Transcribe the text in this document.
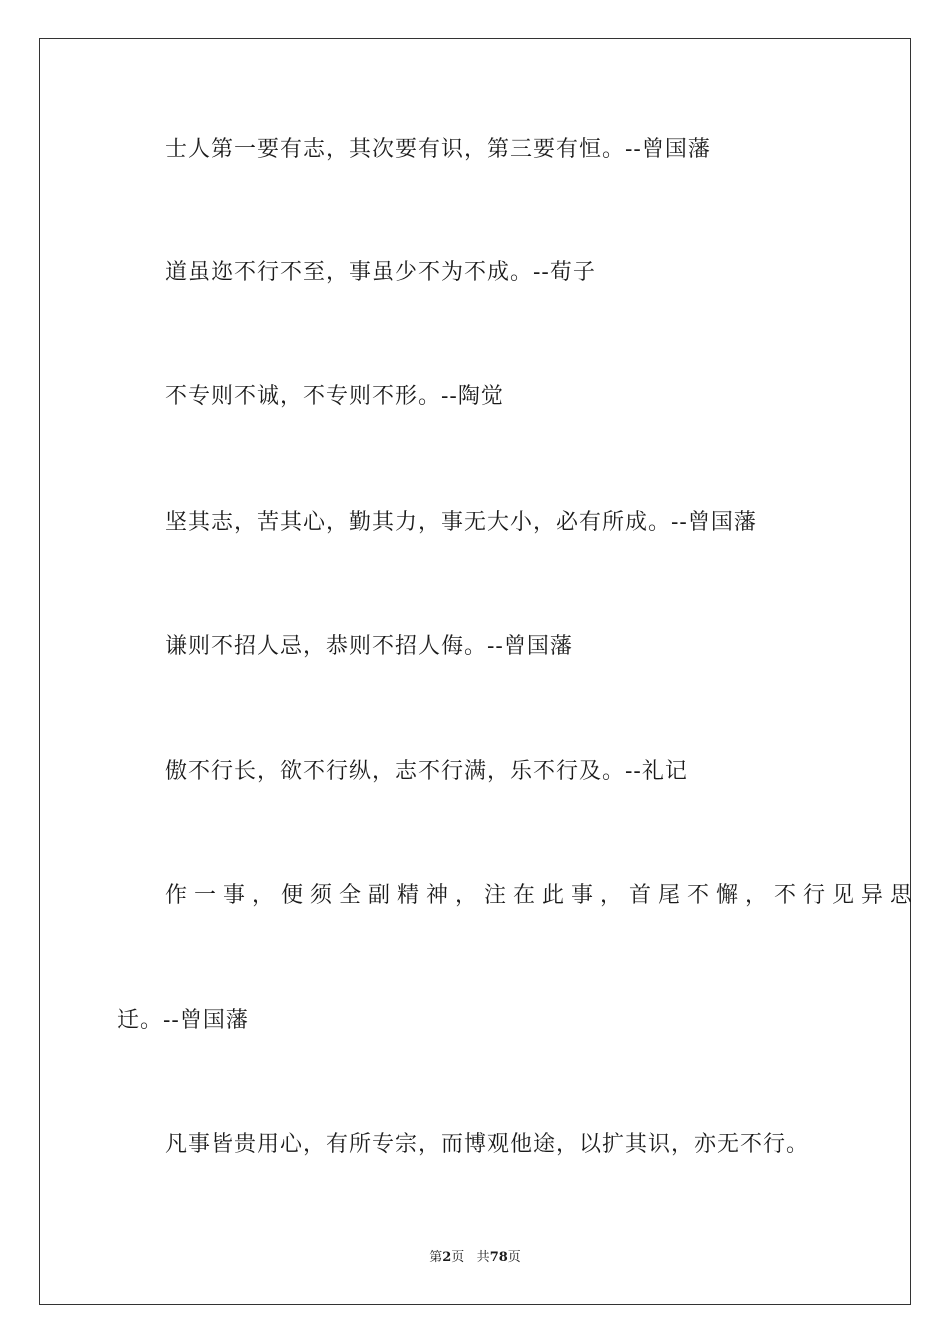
士人第一要有志，其次要有识，第三要有恒。--曾国藩
道虽迩不行不至，事虽少不为不成。--荀子
不专则不诚，不专则不形。--陶觉
坚其志，苦其心，勤其力，事无大小，必有所成。--曾国藩
谦则不招人忌，恭则不招人侮。--曾国藩
傲不行长，欲不行纵，志不行满，乐不行及。--礼记
作一事，便须全副精神，注在此事，首尾不懈，不行见异思
迁。--曾国藩
凡事皆贵用心，有所专宗，而博观他途，以扩其识，亦无不行。
第2页 共78页
